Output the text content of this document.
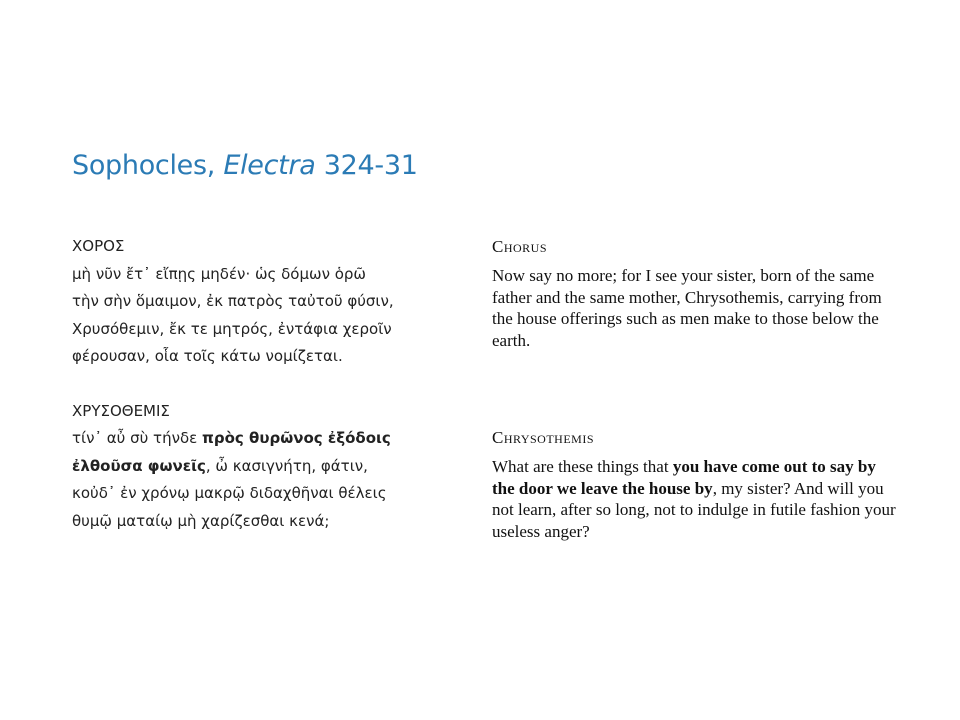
Sophocles, Electra 324-31
ΧΟΡΟΣ
μὴ νῦν ἔτ᾽ εἴπῃς μηδέν· ὡς δόμων ὁρῶ
τὴν σὴν ὅμαιμον, ἐκ πατρὸς ταὐτοῦ φύσιν,
Χρυσόθεμιν, ἔκ τε μητρός, ἐντάφια χεροῖν
φέρουσαν, οἷα τοῖς κάτω νομίζεται.
ΧΡΥΣΟΘΕΜΙΣ
τίν᾽ αὖ σὺ τήνδε πρὸς θυρῶνος ἐξόδοις
ἐλθοῦσα φωνεῖς, ὦ κασιγνήτη, φάτιν,
κοὐδ᾽ ἐν χρόνῳ μακρῷ διδαχθῆναι θέλεις
θυμῷ ματαίῳ μὴ χαρίζεσθαι κενά;
Chorus

Now say no more; for I see your sister, born of the same father and the same mother, Chrysothemis, carrying from the house offerings such as men make to those below the earth.

Chrysothemis

What are these things that you have come out to say by the door we leave the house by, my sister? And will you not learn, after so long, not to indulge in futile fashion your useless anger?
